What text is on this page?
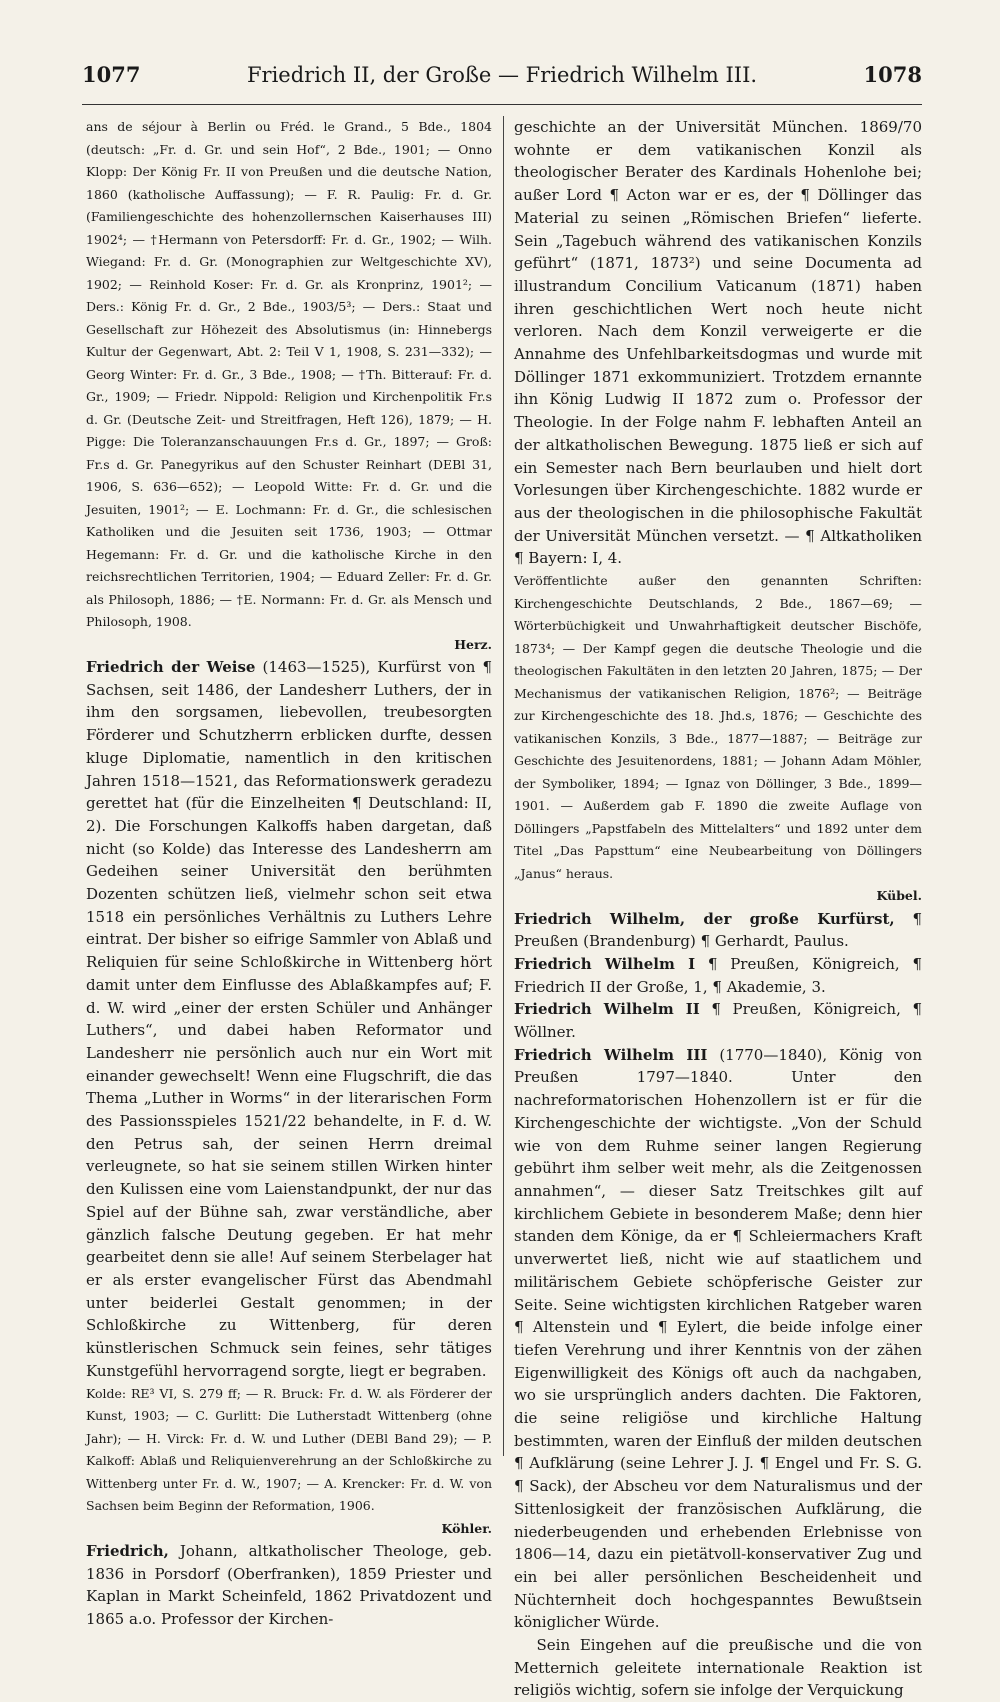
1077	Friedrich II, der Große — Friedrich Wilhelm III.	1078

ans de séjour à Berlin ou Fréd. le Grand., 5 Bde., 1804 (deutsch: „Fr. d. Gr. und sein Hof“, 2 Bde., 1901; — Onno Klopp: Der König Fr. II von Preußen und die deutsche Nation, 1860 (katholische Auffassung); — F. R. Paulig: Fr. d. Gr. (Familiengeschichte des hohenzollernschen Kaiserhauses III) 1902⁴; — †Hermann von Petersdorff: Fr. d. Gr., 1902; — Wilh. Wiegand: Fr. d. Gr. (Monographien zur Weltgeschichte XV), 1902; — Reinhold Koser: Fr. d. Gr. als Kronprinz, 1901²; — Ders.: König Fr. d. Gr., 2 Bde., 1903/5³; — Ders.: Staat und Gesellschaft zur Höhezeit des Absolutismus (in: Hinnebergs Kultur der Gegenwart, Abt. 2: Teil V 1, 1908, S. 231—332); — Georg Winter: Fr. d. Gr., 3 Bde., 1908; — †Th. Bitterauf: Fr. d. Gr., 1909; — Friedr. Nippold: Religion und Kirchenpolitik Fr.s d. Gr. (Deutsche Zeit- und Streitfragen, Heft 126), 1879; — H. Pigge: Die Toleranzanschauungen Fr.s d. Gr., 1897; — Groß: Fr.s d. Gr. Panegyrikus auf den Schuster Reinhart (DEBl 31, 1906, S. 636—652); — Leopold Witte: Fr. d. Gr. und die Jesuiten, 1901²; — E. Lochmann: Fr. d. Gr., die schlesischen Katholiken und die Jesuiten seit 1736, 1903; — Ottmar Hegemann: Fr. d. Gr. und die katholische Kirche in den reichsrechtlichen Territorien, 1904; — Eduard Zeller: Fr. d. Gr. als Philosoph, 1886; — †E. Normann: Fr. d. Gr. als Mensch und Philosoph, 1908.

Herz.

Friedrich der Weise (1463—1525), Kurfürst von ¶ Sachsen, seit 1486, der Landesherr Luthers, der in ihm den sorgsamen, liebevollen, treubesorgten Förderer und Schutzherrn erblicken durfte, dessen kluge Diplomatie, namentlich in den kritischen Jahren 1518—1521, das Reformationswerk geradezu gerettet hat (für die Einzelheiten ¶ Deutschland: II, 2). Die Forschungen Kalkoffs haben dargetan, daß nicht (so Kolde) das Interesse des Landesherrn am Gedeihen seiner Universität den berühmten Dozenten schützen ließ, vielmehr schon seit etwa 1518 ein persönliches Verhältnis zu Luthers Lehre eintrat. Der bisher so eifrige Sammler von Ablaß und Reliquien für seine Schloßkirche in Wittenberg hört damit unter dem Einflusse des Ablaßkampfes auf; F. d. W. wird „einer der ersten Schüler und Anhänger Luthers“, und dabei haben Reformator und Landesherr nie persönlich auch nur ein Wort mit einander gewechselt! Wenn eine Flugschrift, die das Thema „Luther in Worms“ in der literarischen Form des Passionsspieles 1521/22 behandelte, in F. d. W. den Petrus sah, der seinen Herrn dreimal verleugnete, so hat sie seinem stillen Wirken hinter den Kulissen eine vom Laienstandpunkt, der nur das Spiel auf der Bühne sah, zwar verständliche, aber gänzlich falsche Deutung gegeben. Er hat mehr gearbeitet denn sie alle! Auf seinem Sterbelager hat er als erster evangelischer Fürst das Abendmahl unter beiderlei Gestalt genommen; in der Schloßkirche zu Wittenberg, für deren künstlerischen Schmuck sein feines, sehr tätiges Kunstgefühl hervorragend sorgte, liegt er begraben.

Kolde: RE³ VI, S. 279 ff; — R. Bruck: Fr. d. W. als Förderer der Kunst, 1903; — C. Gurlitt: Die Lutherstadt Wittenberg (ohne Jahr); — H. Virck: Fr. d. W. und Luther (DEBl Band 29); — P. Kalkoff: Ablaß und Reliquienverehrung an der Schloßkirche zu Wittenberg unter Fr. d. W., 1907; — A. Krencker: Fr. d. W. von Sachsen beim Beginn der Reformation, 1906.

Köhler.

Friedrich, Johann, altkatholischer Theologe, geb. 1836 in Porsdorf (Oberfranken), 1859 Priester und Kaplan in Markt Scheinfeld, 1862 Privatdozent und 1865 a.o. Professor der Kirchen-

geschichte an der Universität München. 1869/70 wohnte er dem vatikanischen Konzil als theologischer Berater des Kardinals Hohenlohe bei; außer Lord ¶ Acton war er es, der ¶ Döllinger das Material zu seinen „Römischen Briefen“ lieferte. Sein „Tagebuch während des vatikanischen Konzils geführt“ (1871, 1873²) und seine Documenta ad illustrandum Concilium Vaticanum (1871) haben ihren geschichtlichen Wert noch heute nicht verloren. Nach dem Konzil verweigerte er die Annahme des Unfehlbarkeitsdogmas und wurde mit Döllinger 1871 exkommuniziert. Trotzdem ernannte ihn König Ludwig II 1872 zum o. Professor der Theologie. In der Folge nahm F. lebhaften Anteil an der altkatholischen Bewegung. 1875 ließ er sich auf ein Semester nach Bern beurlauben und hielt dort Vorlesungen über Kirchengeschichte. 1882 wurde er aus der theologischen in die philosophische Fakultät der Universität München versetzt. — ¶ Altkatholiken ¶ Bayern: I, 4.

Veröffentlichte außer den genannten Schriften: Kirchengeschichte Deutschlands, 2 Bde., 1867—69; — Wörterbüchigkeit und Unwahrhaftigkeit deutscher Bischöfe, 1873⁴; — Der Kampf gegen die deutsche Theologie und die theologischen Fakultäten in den letzten 20 Jahren, 1875; — Der Mechanismus der vatikanischen Religion, 1876²; — Beiträge zur Kirchengeschichte des 18. Jhd.s, 1876; — Geschichte des vatikanischen Konzils, 3 Bde., 1877—1887; — Beiträge zur Geschichte des Jesuitenordens, 1881; — Johann Adam Möhler, der Symboliker, 1894; — Ignaz von Döllinger, 3 Bde., 1899—1901. — Außerdem gab F. 1890 die zweite Auflage von Döllingers „Papstfabeln des Mittelalters“ und 1892 unter dem Titel „Das Papsttum“ eine Neubearbeitung von Döllingers „Janus“ heraus.

Kübel.

Friedrich Wilhelm, der große Kurfürst, ¶ Preußen (Brandenburg) ¶ Gerhardt, Paulus.

Friedrich Wilhelm I ¶ Preußen, Königreich, ¶ Friedrich II der Große, 1, ¶ Akademie, 3.

Friedrich Wilhelm II ¶ Preußen, Königreich, ¶ Wöllner.

Friedrich Wilhelm III (1770—1840), König von Preußen 1797—1840. Unter den nachreformatorischen Hohenzollern ist er für die Kirchengeschichte der wichtigste. „Von der Schuld wie von dem Ruhme seiner langen Regierung gebührt ihm selber weit mehr, als die Zeitgenossen annahmen“, — dieser Satz Treitschkes gilt auf kirchlichem Gebiete in besonderem Maße; denn hier standen dem Könige, da er ¶ Schleiermachers Kraft unverwertet ließ, nicht wie auf staatlichem und militärischem Gebiete schöpferische Geister zur Seite. Seine wichtigsten kirchlichen Ratgeber waren ¶ Altenstein und ¶ Eylert, die beide infolge einer tiefen Verehrung und ihrer Kenntnis von der zähen Eigenwilligkeit des Königs oft auch da nachgaben, wo sie ursprünglich anders dachten. Die Faktoren, die seine religiöse und kirchliche Haltung bestimmten, waren der Einfluß der milden deutschen ¶ Aufklärung (seine Lehrer J. J. ¶ Engel und Fr. S. G. ¶ Sack), der Abscheu vor dem Naturalismus und der Sittenlosigkeit der französischen Aufklärung, die niederbeugenden und erhebenden Erlebnisse von 1806—14, dazu ein pietätvoll-konservativer Zug und ein bei aller persönlichen Bescheidenheit und Nüchternheit doch hochgespanntes Bewußtsein königlicher Würde.

Sein Eingehen auf die preußische und die von Metternich geleitete internationale Reaktion ist religiös wichtig, sofern sie infolge der Verquickung
